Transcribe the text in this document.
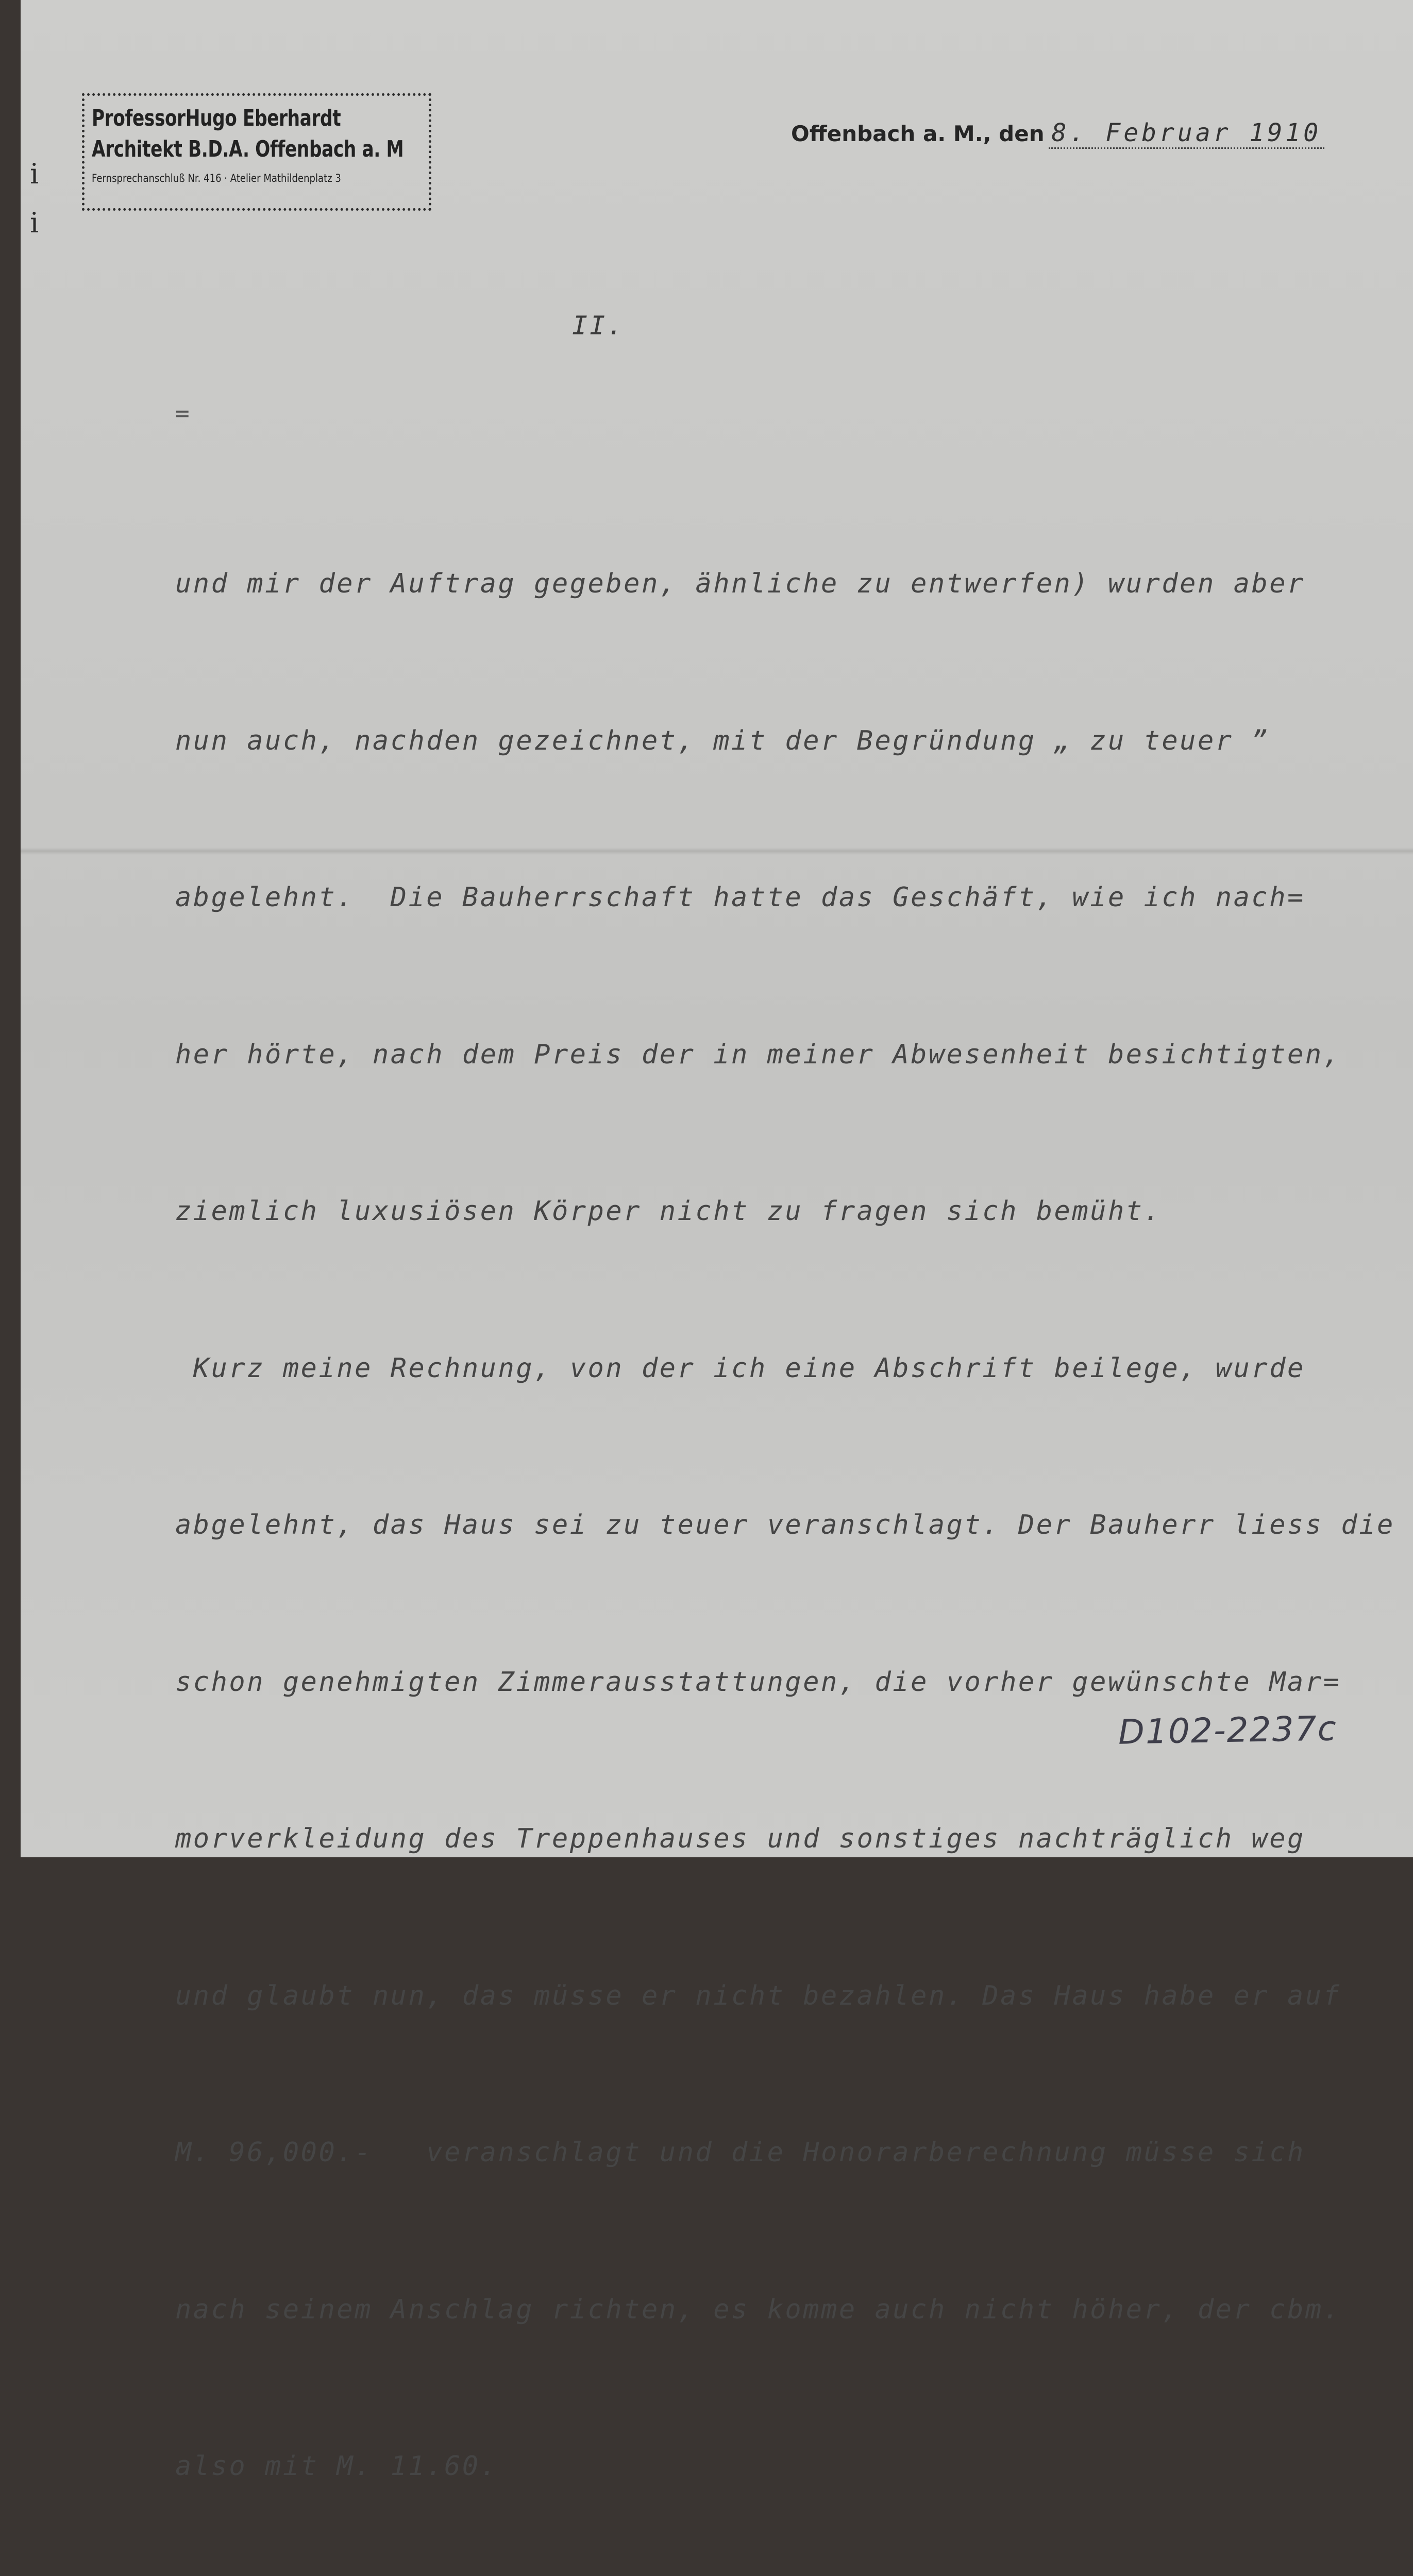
i
i
ProfessorHugo Eberhardt
Architekt B.D.A. Offenbach a. M
Fernsprechanschluß Nr. 416 · Atelier Mathildenplatz 3
Offenbach a. M., den 8. Februar 1910
II.
=

und mir der Auftrag gegeben, ähnliche zu entwerfen) wurden aber

nun auch, nachden gezeichnet, mit der Begründung „ zu teuer ”

abgelehnt.  Die Bauherrschaft hatte das Geschäft, wie ich nach=

her hörte, nach dem Preis der in meiner Abwesenheit besichtigten,

ziemlich luxusiösen Körper nicht zu fragen sich bemüht.

Kurz meine Rechnung, von der ich eine Abschrift beilege, wurde

abgelehnt, das Haus sei zu teuer veranschlagt. Der Bauherr liess die

schon genehmigten Zimmerausstattungen, die vorher gewünschte Mar=

morverkleidung des Treppenhauses und sonstiges nachträglich weg

und glaubt nun, das müsse er nicht bezahlen. Das Haus habe er auf

M. 96,000.-   veranschlagt und die Honorarberechnung müsse sich

nach seinem Anschlag richten, es komme auch nicht höher, der cbm.

also mit M. 11.60.

D102-2237c
